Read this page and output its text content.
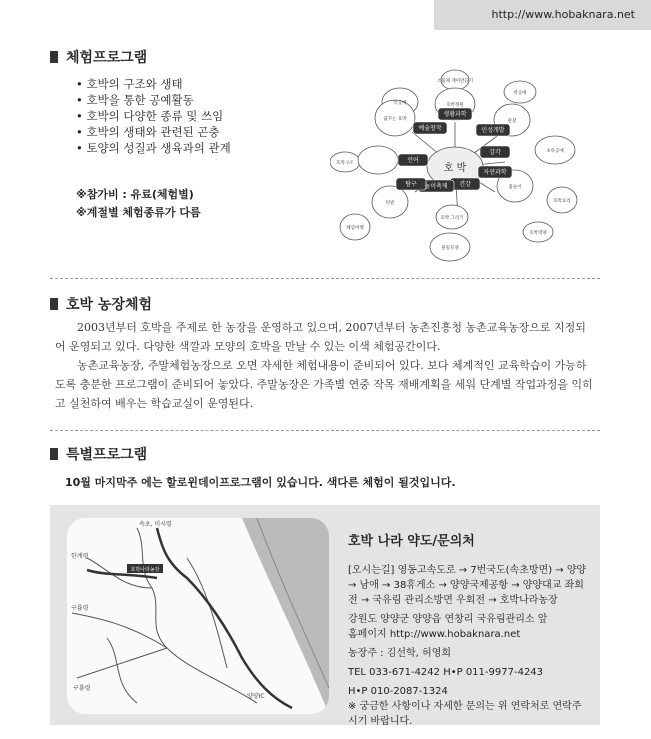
http://www.hobaknara.net
체험프로그램
• 호박의 구조와 생태
• 호박을 통한 공예활동
• 호박의 다양한 종류 및 쓰임
• 호박의 생태와 관련된 곤충
• 토양의 성질과 생육과의 관계
※참가비 : 유료(체험별)
※계절별 체험종류가 다름
예술창작
생활과학
인성개발
감각
자연과학
건강
놀이축제
탐구
언어
호 박
악공예
소품제 재미만들기
박공예
초록공예
호박요리
호박영양
풀잎모양
호박구조
체험여행
꿈꾸는 호박
호박정원
관찰
흙놀이
텃밭
호박 그리기
호박 농장체험
2003년부터 호박을 주제로 한 농장을 운영하고 있으며, 2007년부터 농촌진흥청 농촌교육농장으로 지정되어 운영되고 있다. 다양한 색깔과 모양의 호박을 만날 수 있는 이색 체험공간이다.
농촌교육농장, 주말체험농장으로 오면 자세한 체험내용이 준비되어 있다. 보다 체계적인 교육학습이 가능하도록 충분한 프로그램이 준비되어 놓았다. 주말농장은 가족별 연중 작목 재배계획을 세워 단계별 작업과정을 익히고 실천하여 배우는 학습교실이 운영된다.
특별프로그램
10월 마지막주 에는 할로윈데이프로그램이 있습니다. 색다른 체험이 될것입니다.
호박나라농장
속초, 미시령
한계령
구룡령
구룡령
양양IC
호박 나라 약도/문의처

[오시는길] 영동고속도로 → 7번국도(속초방면) → 양양 → 남애 → 38휴게소 → 양양국제공항 → 양양대교 좌회전 → 국유림 관리소방면 우회전 → 호박나라농장

강원도 양양군 양양읍 연창리 국유림관리소 앞

홈페이지 http://www.hobaknara.net

농장주 : 김선학, 허영희

TEL 033-671-4242 H•P 011-9977-4243

H•P 010-2087-1324

※ 궁금한 사항이나 자세한 문의는 위 연락처로 연락주시기 바랍니다.
